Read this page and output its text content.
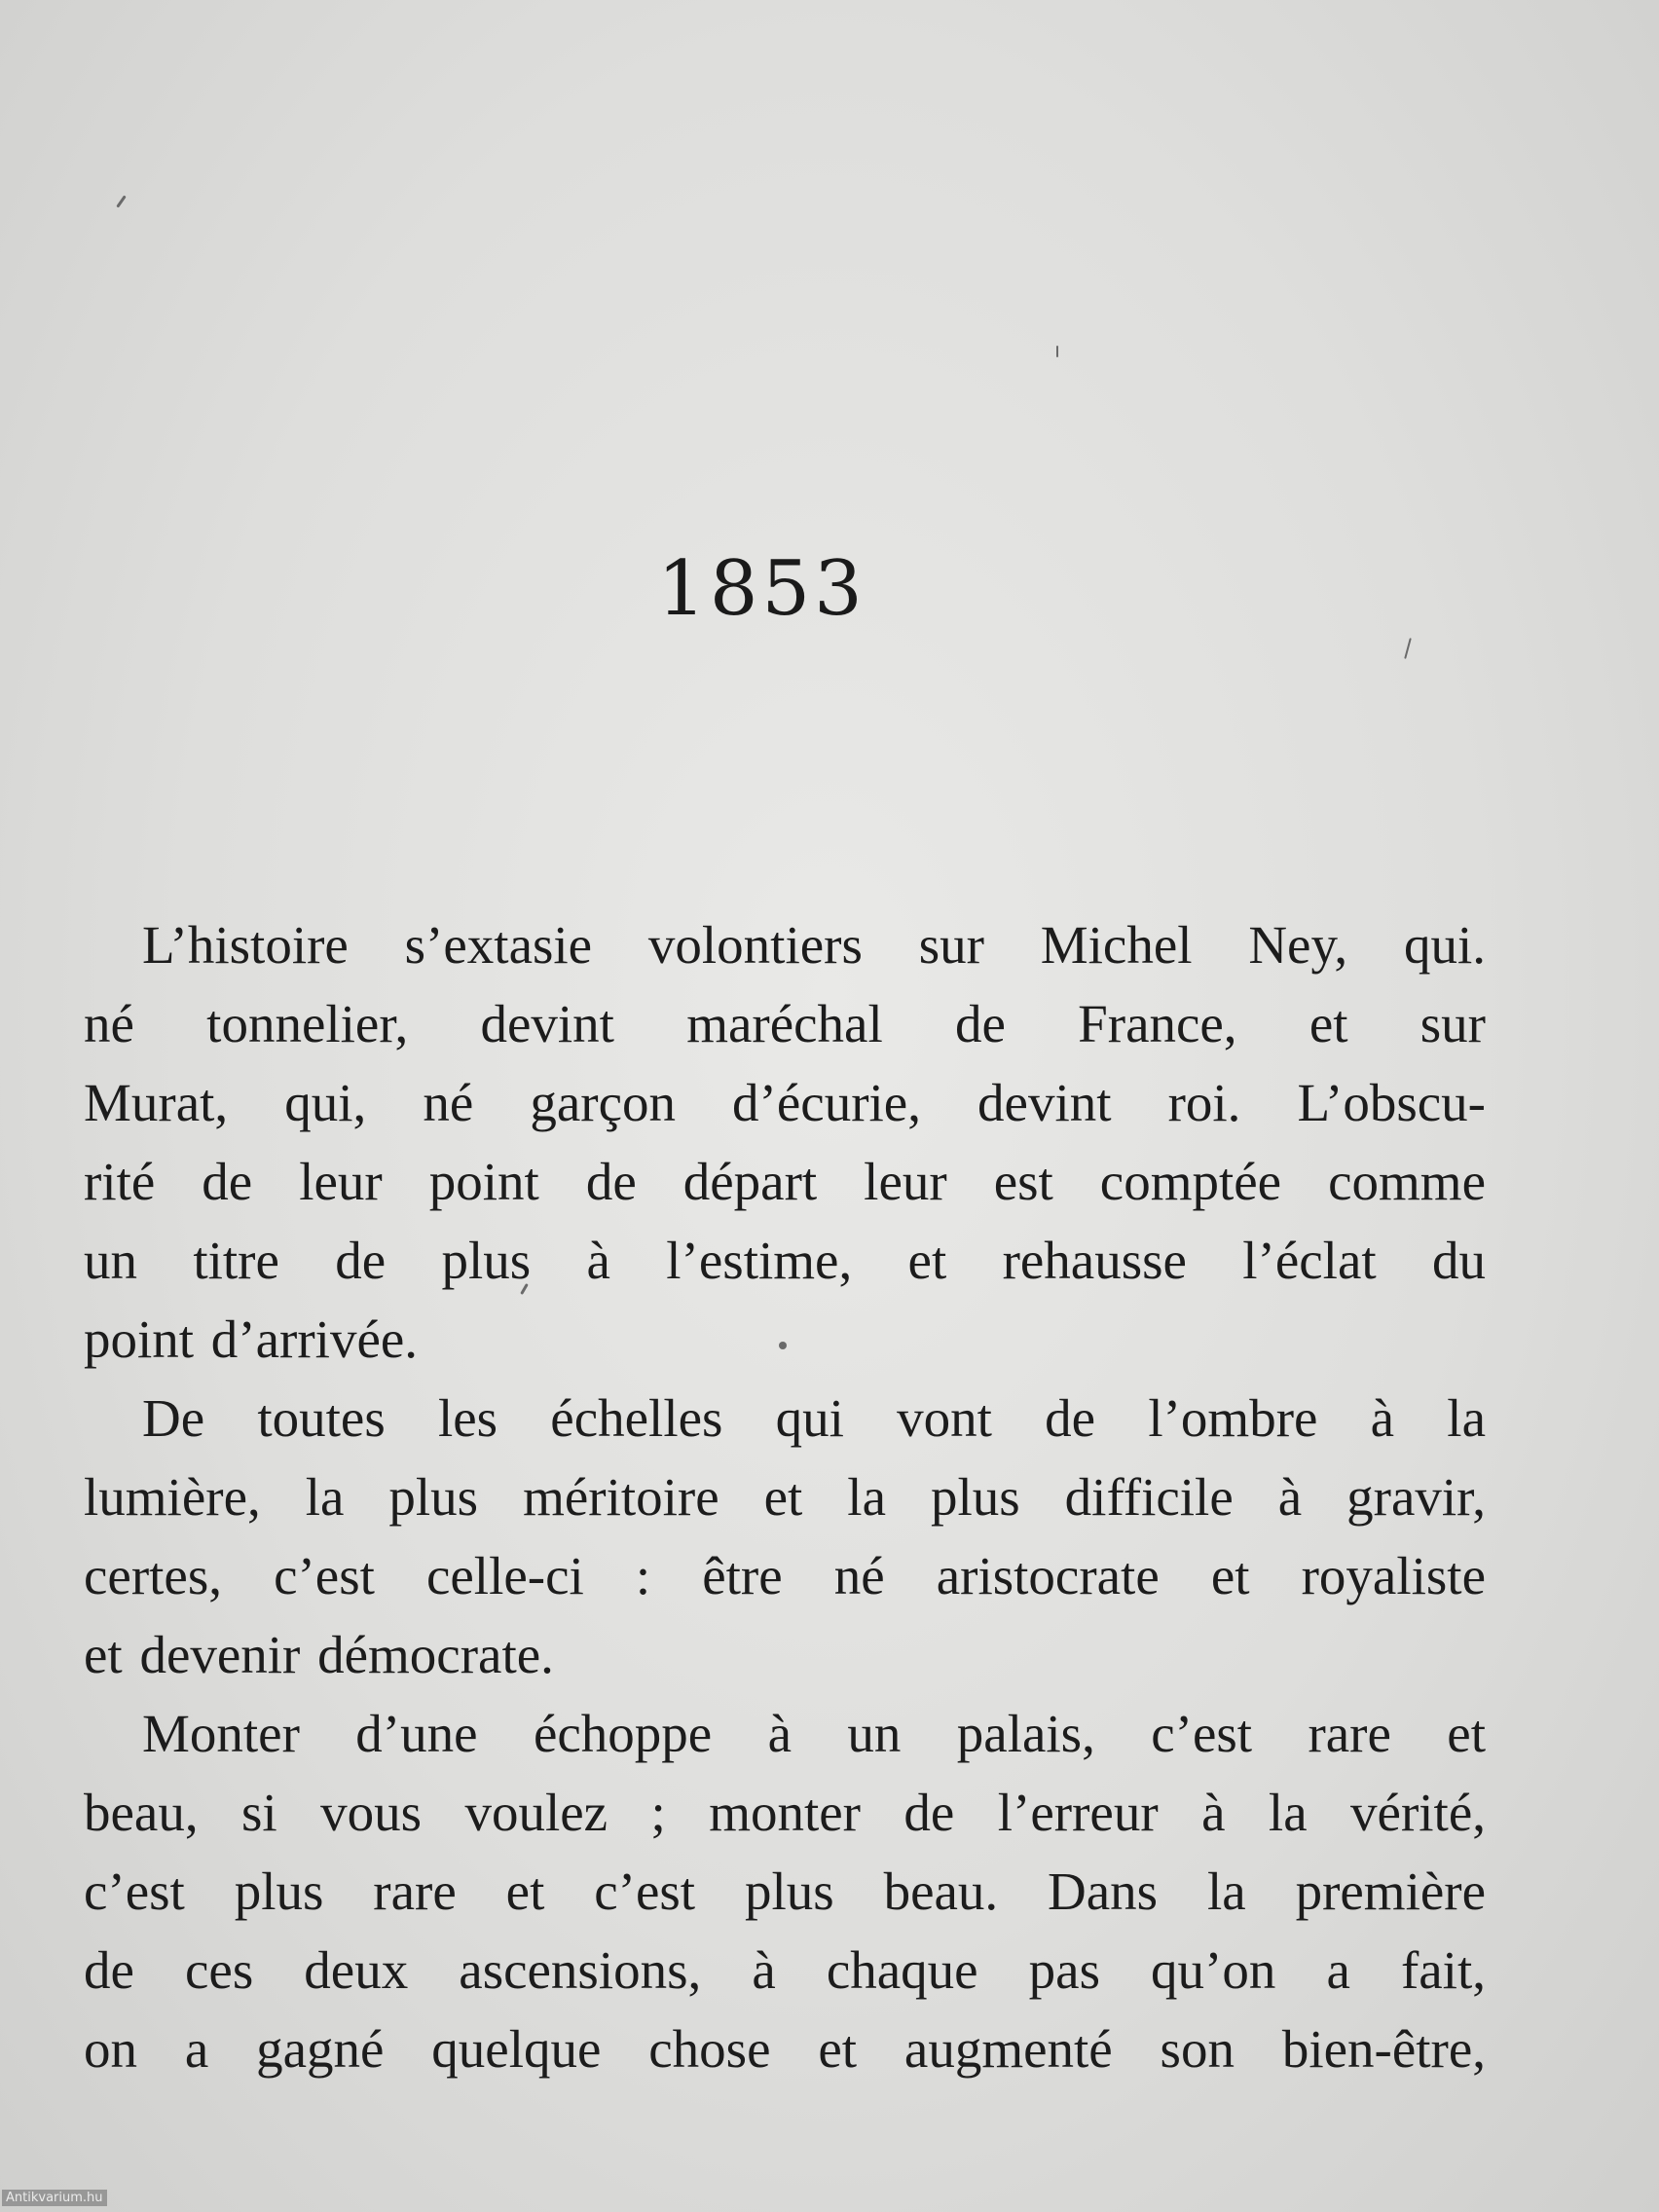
1853
L’histoire s’extasie volontiers sur Michel Ney, qui.
né tonnelier, devint maréchal de France, et sur
Murat, qui, né garçon d’écurie, devint roi. L’obscu-
rité de leur point de départ leur est comptée comme
un titre de plus à l’estime, et rehausse l’éclat du
point d’arrivée.
De toutes les échelles qui vont de l’ombre à la
lumière, la plus méritoire et la plus difficile à gravir,
certes, c’est celle-ci : être né aristocrate et royaliste
et devenir démocrate.
Monter d’une échoppe à un palais, c’est rare et
beau, si vous voulez ; monter de l’erreur à la vérité,
c’est plus rare et c’est plus beau. Dans la première
de ces deux ascensions, à chaque pas qu’on a fait,
on a gagné quelque chose et augmenté son bien-être,
Antikvarium.hu
